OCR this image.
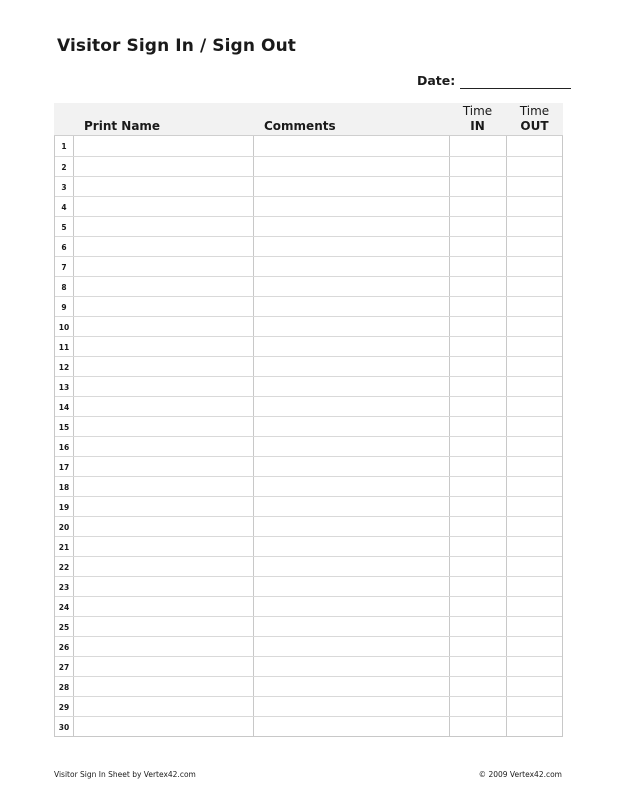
Visitor Sign In / Sign Out
Date:
Print Name	Comments
Time
IN
Time
OUT
1
2
3
4
5
6
7
8
9
10
11
12
13
14
15
16
17
18
19
20
21
22
23
24
25
26
27
28
29
30
Visitor Sign In Sheet by Vertex42.com	© 2009 Vertex42.com
